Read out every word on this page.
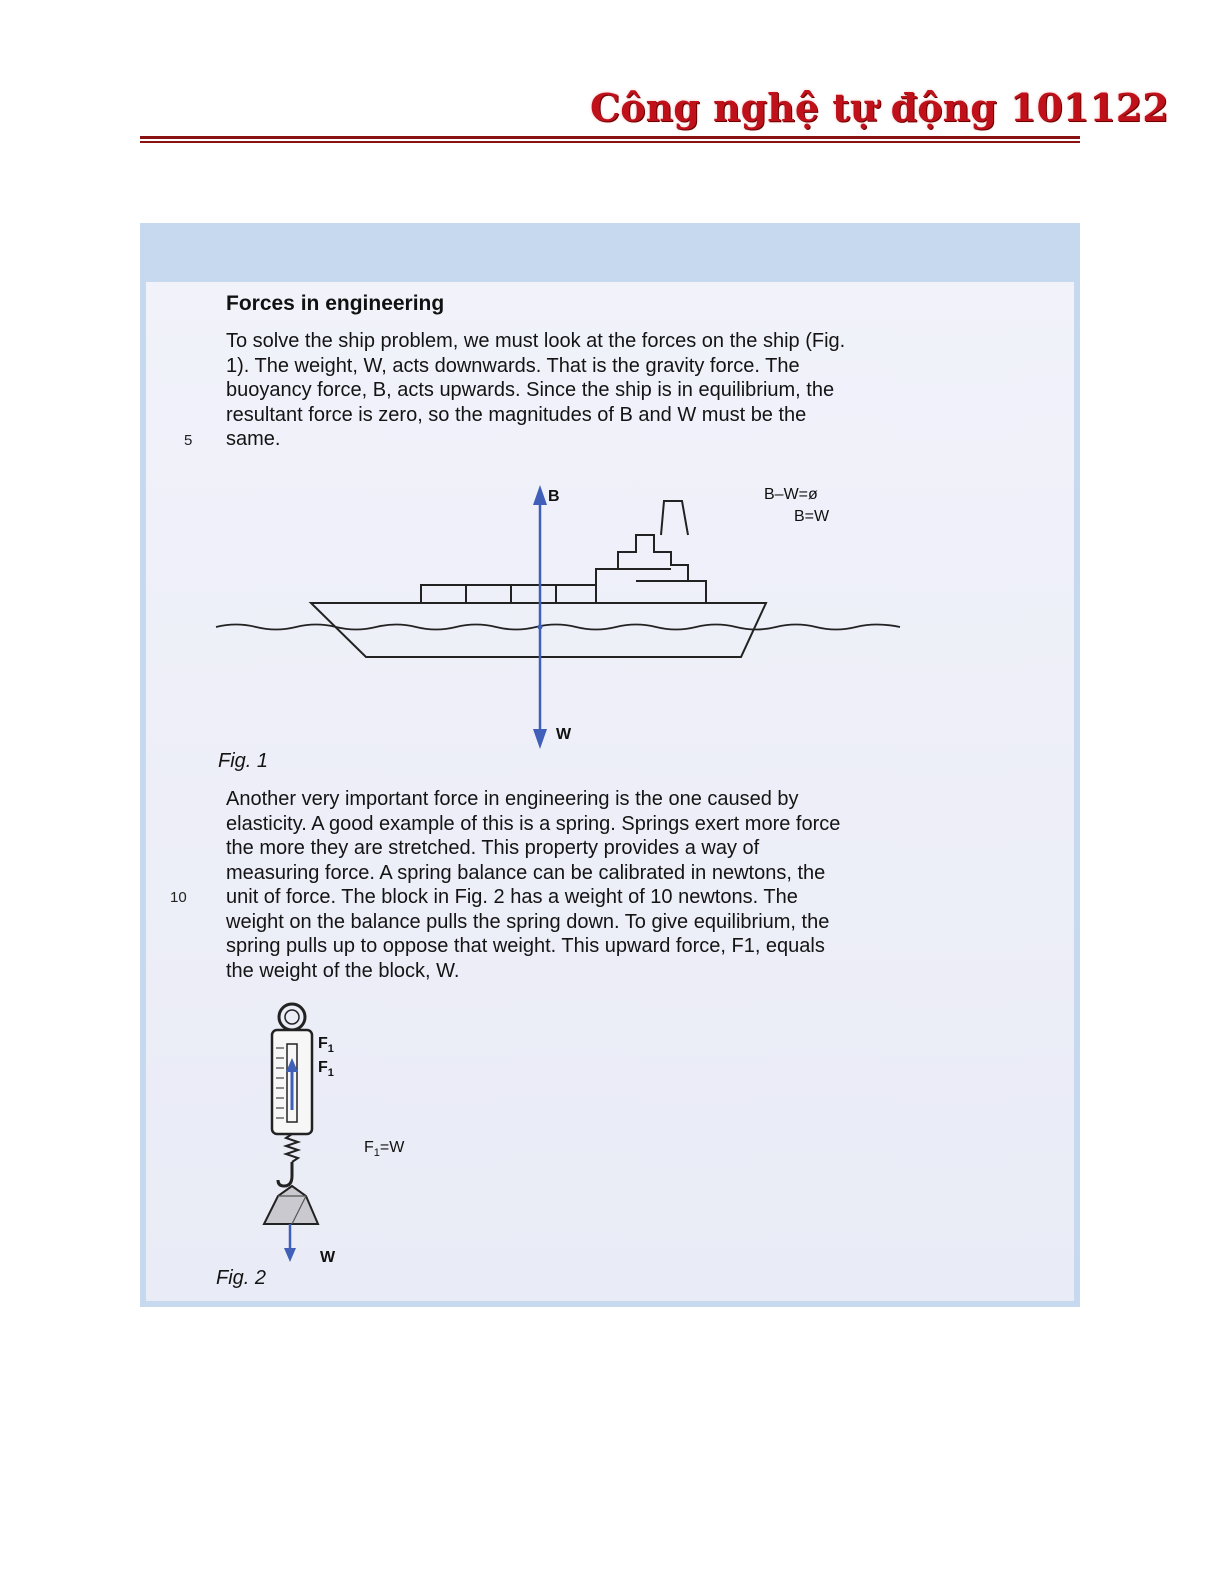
Công nghệ tự động 101122
Forces in engineering
To solve the ship problem, we must look at the forces on the ship (Fig.
1). The weight, W, acts downwards. That is the gravity force. The
buoyancy force, B, acts upwards. Since the ship is in equilibrium, the
resultant force is zero, so the magnitudes of B and W must be the
same.
5
B
W
B–W=ø
B=W
Fig. 1
Another very important force in engineering is the one caused by
elasticity. A good example of this is a spring. Springs exert more force
the more they are stretched. This property provides a way of
measuring force. A spring balance can be calibrated in newtons, the
unit of force. The block in Fig. 2 has a weight of 10 newtons. The
weight on the balance pulls the spring down. To give equilibrium, the
spring pulls up to oppose that weight. This upward force, F1, equals
the weight of the block, W.
10
$F_1$
$F_1$
$F_1=W$
W
Fig. 2
